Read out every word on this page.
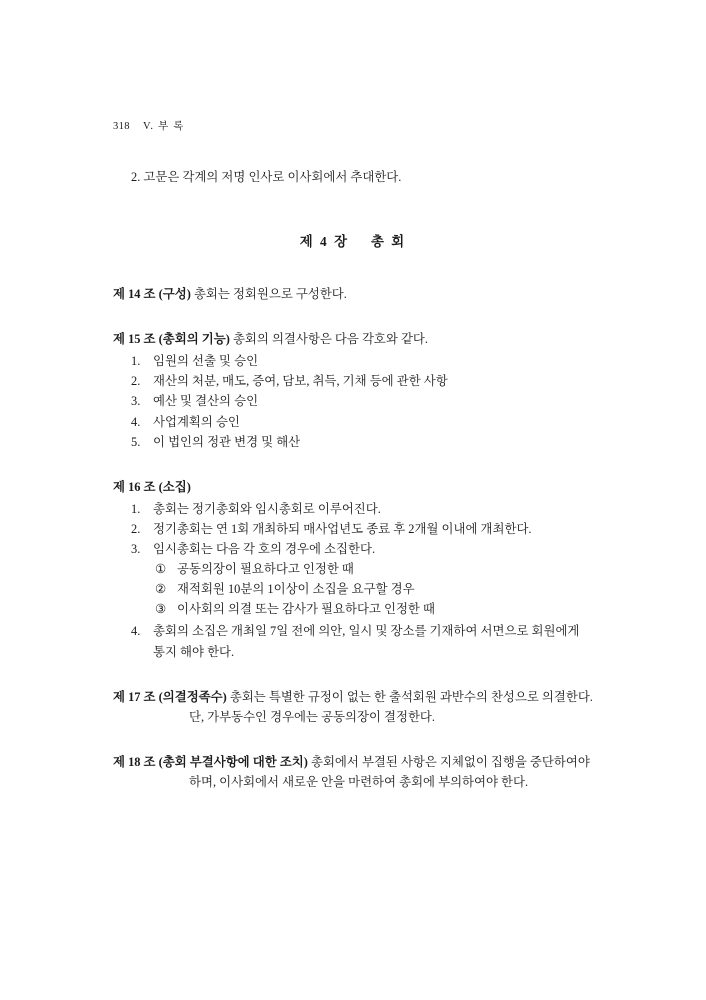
318 V. 부 록
2. 고문은 각계의 저명 인사로 이사회에서 추대한다.
제 4 장 총 회
제 14 조 (구성) 총회는 정회원으로 구성한다.
제 15 조 (총회의 기능) 총회의 의결사항은 다음 각호와 같다.
1. 임원의 선출 및 승인
2. 재산의 처분, 매도, 증여, 담보, 취득, 기채 등에 관한 사항
3. 예산 및 결산의 승인
4. 사업계획의 승인
5. 이 법인의 정관 변경 및 해산
제 16 조 (소집)
1. 총회는 정기총회와 임시총회로 이루어진다.
2. 정기총회는 연 1회 개최하되 매사업년도 종료 후 2개월 이내에 개최한다.
3. 임시총회는 다음 각 호의 경우에 소집한다.
① 공동의장이 필요하다고 인정한 때
② 재적회원 10분의 1이상이 소집을 요구할 경우
③ 이사회의 의결 또는 감사가 필요하다고 인정한 때
4. 총회의 소집은 개최일 7일 전에 의안, 일시 및 장소를 기재하여 서면으로 회원에게 통지 해야 한다.
제 17 조 (의결정족수) 총회는 특별한 규정이 없는 한 출석회원 과반수의 찬성으로 의결한다. 단, 가부동수인 경우에는 공동의장이 결정한다.
제 18 조 (총회 부결사항에 대한 조치) 총회에서 부결된 사항은 지체없이 집행을 중단하여야 하며, 이사회에서 새로운 안을 마련하여 총회에 부의하여야 한다.
